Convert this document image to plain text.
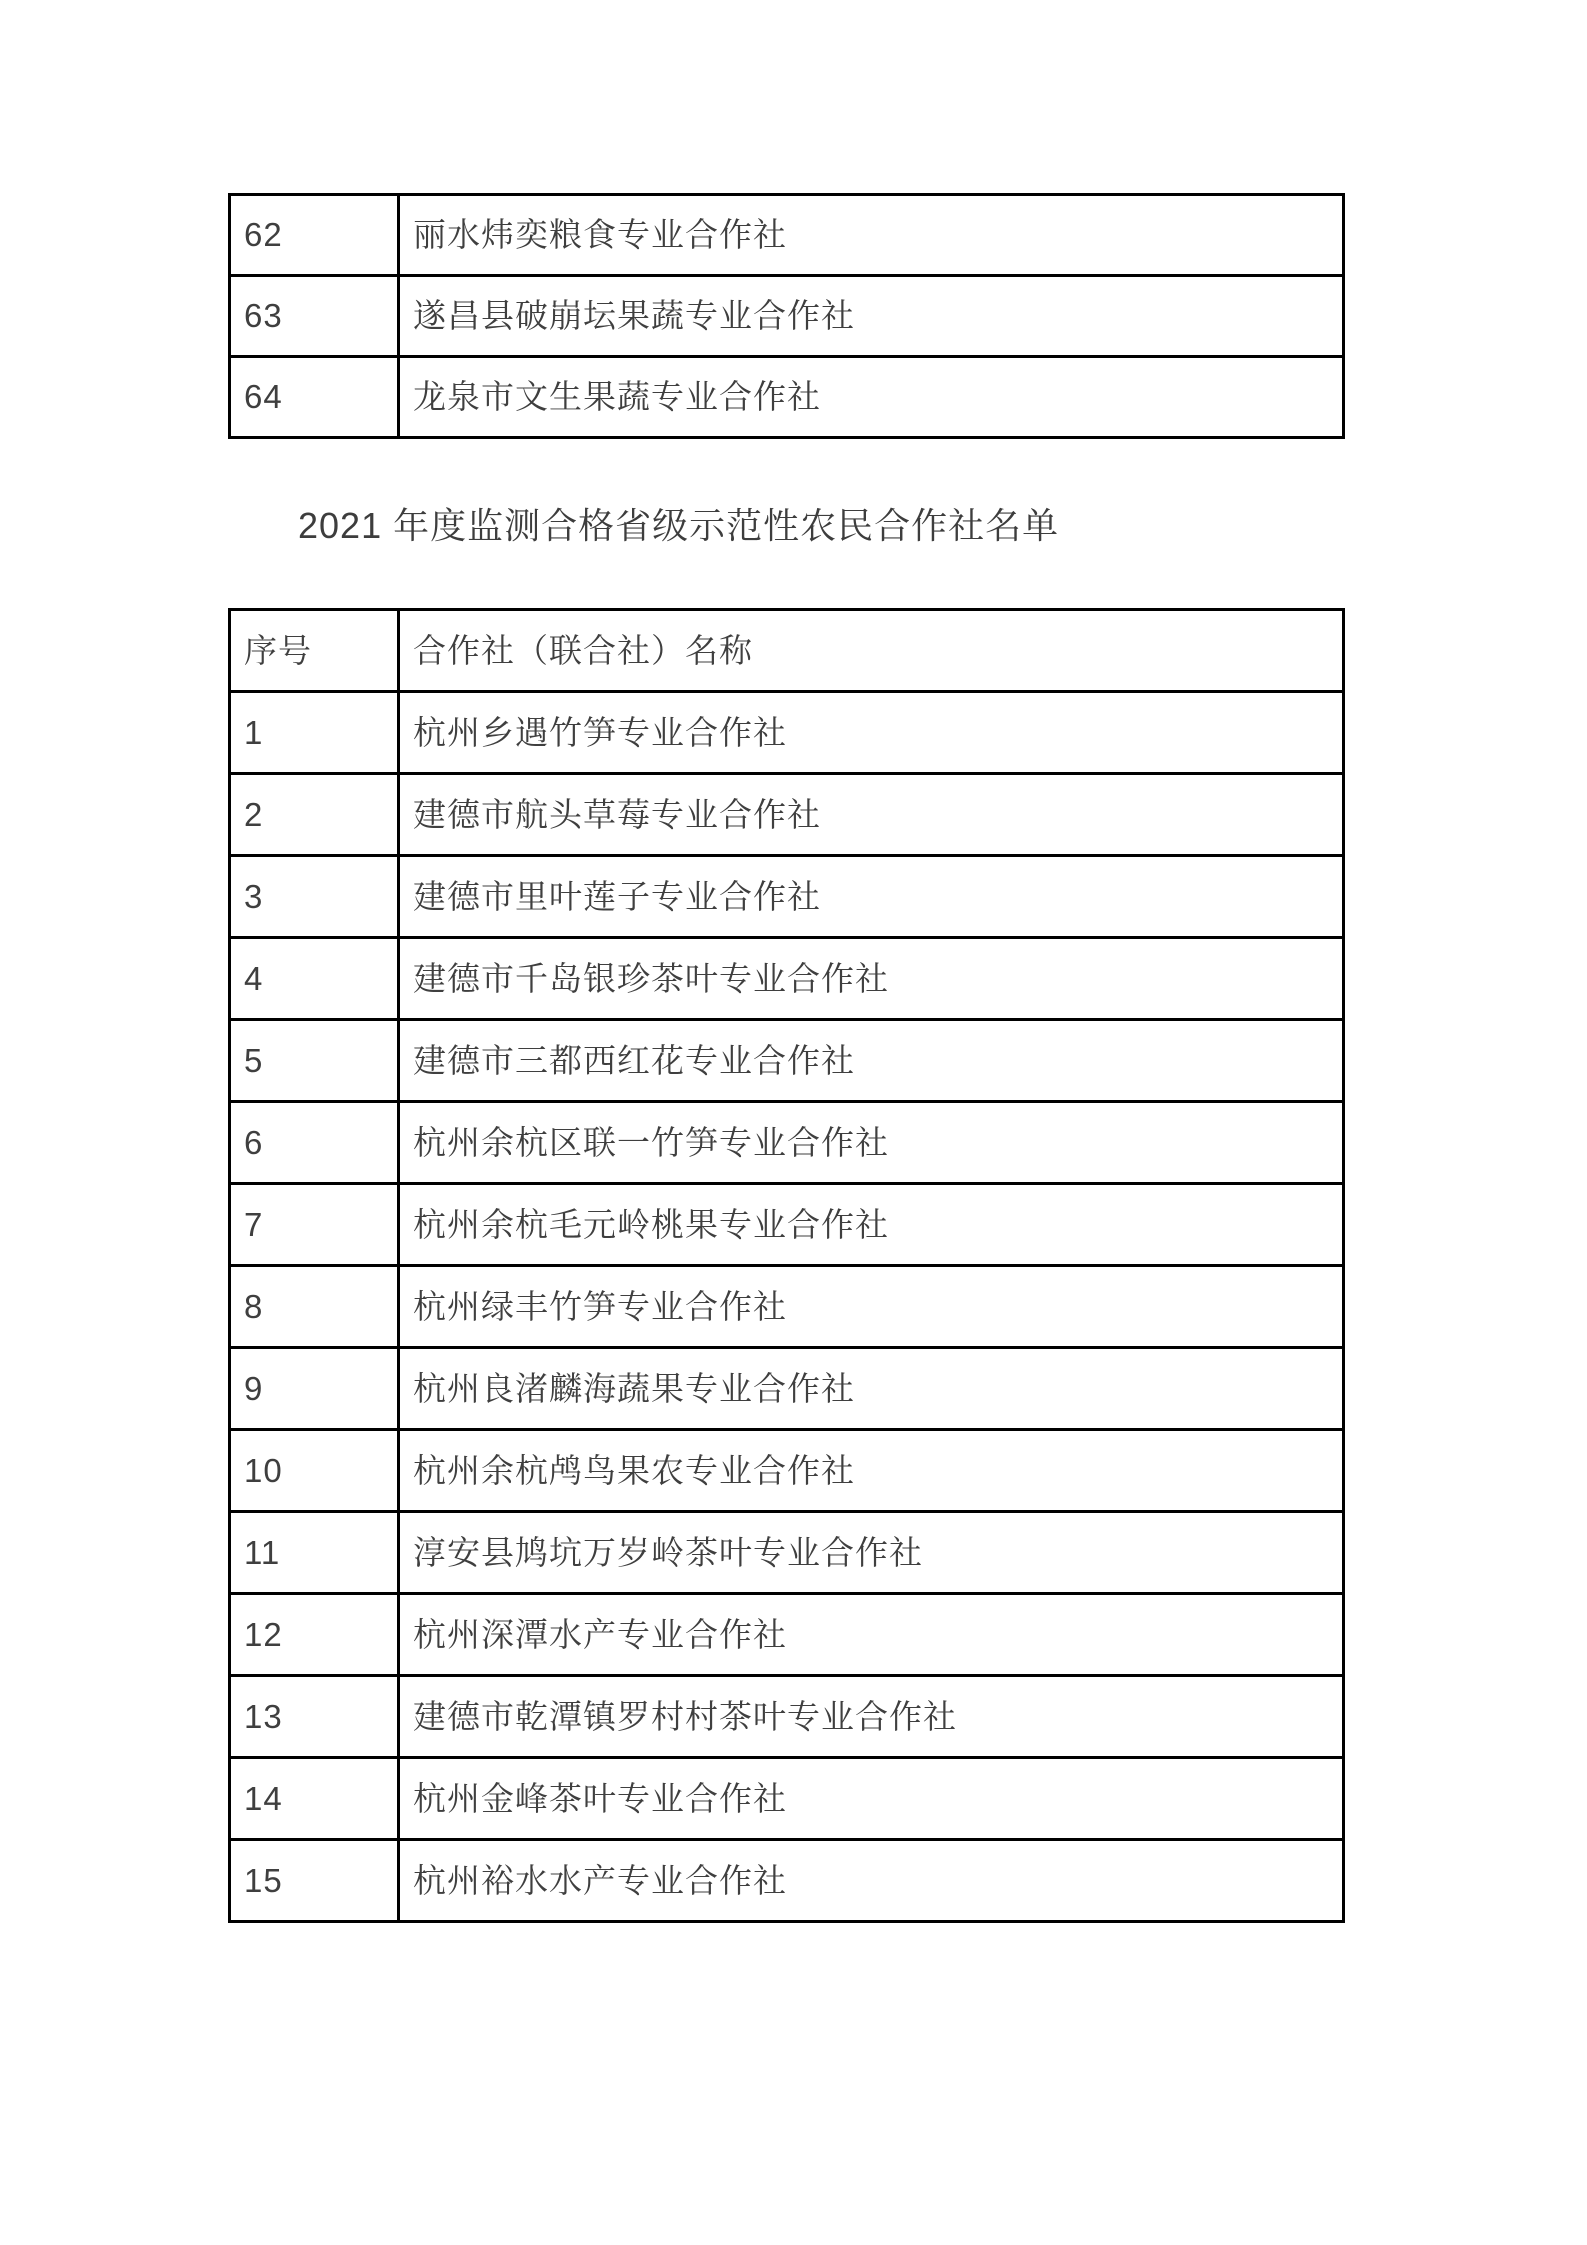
62	丽水炜奕粮食专业合作社
63	遂昌县破崩坛果蔬专业合作社
64	龙泉市文生果蔬专业合作社
2021 年度监测合格省级示范性农民合作社名单
序号	合作社（联合社）名称
1	杭州乡遇竹笋专业合作社
2	建德市航头草莓专业合作社
3	建德市里叶莲子专业合作社
4	建德市千岛银珍茶叶专业合作社
5	建德市三都西红花专业合作社
6	杭州余杭区联一竹笋专业合作社
7	杭州余杭毛元岭桃果专业合作社
8	杭州绿丰竹笋专业合作社
9	杭州良渚麟海蔬果专业合作社
10	杭州余杭鸬鸟果农专业合作社
11	淳安县鸠坑万岁岭茶叶专业合作社
12	杭州深潭水产专业合作社
13	建德市乾潭镇罗村村茶叶专业合作社
14	杭州金峰茶叶专业合作社
15	杭州裕水水产专业合作社
